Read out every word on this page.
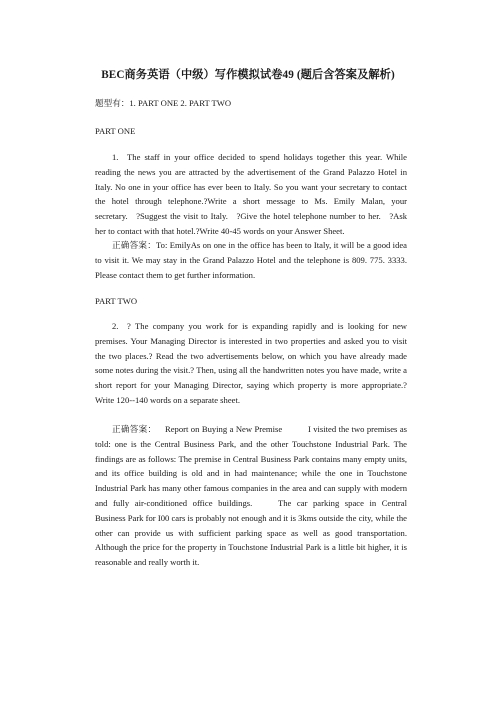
BEC商务英语（中级）写作模拟试卷49 (题后含答案及解析)
题型有：1. PART ONE 2. PART TWO
PART ONE
1. The staff in your office decided to spend holidays together this year. While reading the news you are attracted by the advertisement of the Grand Palazzo Hotel in Italy. No one in your office has ever been to Italy. So you want your secretary to contact the hotel through telephone.?Write a short message to Ms. Emily Malan, your secretary. ?Suggest the visit to Italy. ?Give the hotel telephone number to her. ?Ask her to contact with that hotel.?Write 40-45 words on your Answer Sheet.
正确答案：To: EmilyAs on one in the office has been to Italy, it will be a good idea to visit it. We may stay in the Grand Palazzo Hotel and the telephone is 809. 775. 3333. Please contact them to get further information.
PART TWO
2. ? The company you work for is expanding rapidly and is looking for new premises. Your Managing Director is interested in two properties and asked you to visit the two places.? Read the two advertisements below, on which you have already made some notes during the visit.? Then, using all the handwritten notes you have made, write a short report for your Managing Director, saying which property is more appropriate.? Write 120--140 words on a separate sheet.
正确答案： Report on Buying a New Premise   I visited the two premises as told: one is the Central Business Park, and the other Touchstone Industrial Park. The findings are as follows: The premise in Central Business Park contains many empty units, and its office building is old and in had maintenance; while the one in Touchstone Industrial Park has many other famous companies in the area and can supply with modern and fully air-conditioned office buildings.   The car parking space in Central Business Park for I00 cars is probably not enough and it is 3kms outside the city, while the other can provide us with sufficient parking space as well as good transportation. Although the price for the property in Touchstone Industrial Park is a little bit higher, it is reasonable and really worth it.
